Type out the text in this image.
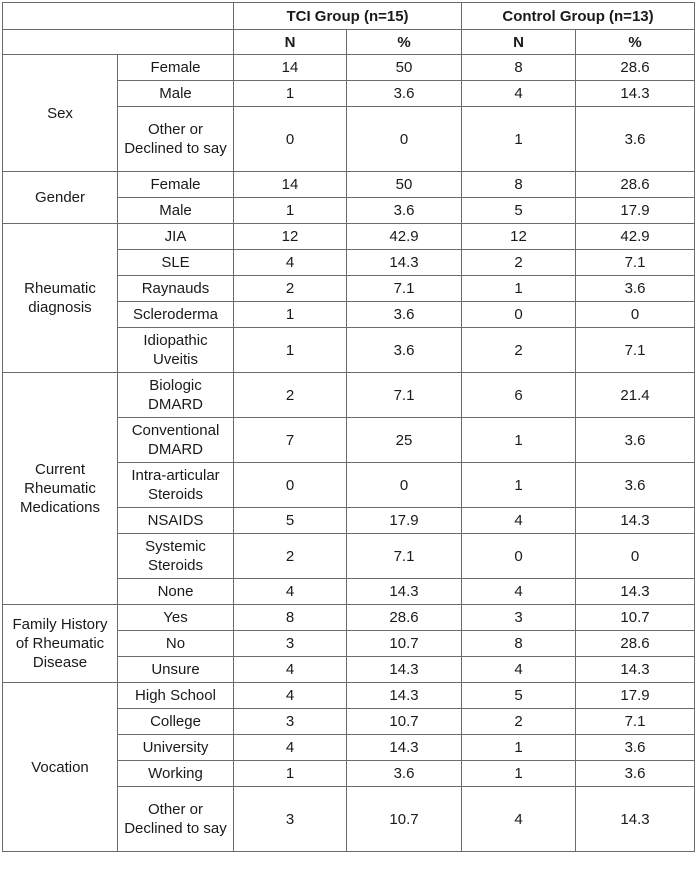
		TCI Group (n=15)		Control Group (n=13)	
		N	%	N	%
Sex	Female	14	50	8	28.6
	Male	1	3.6	4	14.3
	Other or Declined to say	0	0	1	3.6
Gender	Female	14	50	8	28.6
	Male	1	3.6	5	17.9
Rheumatic diagnosis	JIA	12	42.9	12	42.9
	SLE	4	14.3	2	7.1
	Raynauds	2	7.1	1	3.6
	Scleroderma	1	3.6	0	0
	Idiopathic Uveitis	1	3.6	2	7.1
Current Rheumatic Medications	Biologic DMARD	2	7.1	6	21.4
	Conventional DMARD	7	25	1	3.6
	Intra-articular Steroids	0	0	1	3.6
	NSAIDS	5	17.9	4	14.3
	Systemic Steroids	2	7.1	0	0
	None	4	14.3	4	14.3
Family History of Rheumatic Disease	Yes	8	28.6	3	10.7
	No	3	10.7	8	28.6
	Unsure	4	14.3	4	14.3
Vocation	High School	4	14.3	5	17.9
	College	3	10.7	2	7.1
	University	4	14.3	1	3.6
	Working	1	3.6	1	3.6
	Other or Declined to say	3	10.7	4	14.3
